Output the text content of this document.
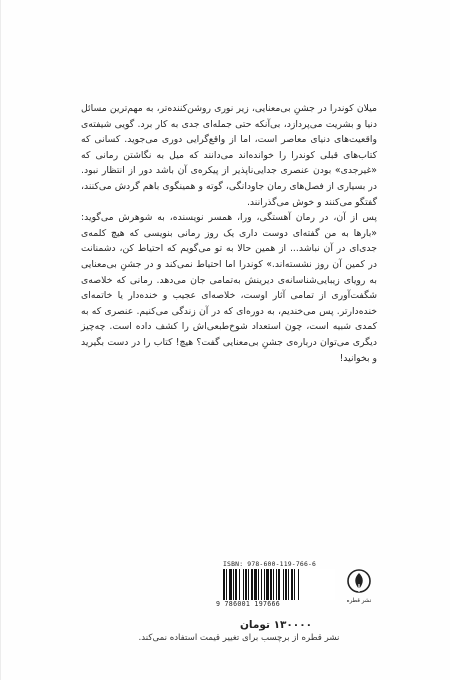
میلان کوندرا در جشنِ بی‌معنایی، زیر نوری روشن‌کننده‌تر، به مهم‌ترین مسائل دنیا و بشریت می‌پردازد، بی‌آنکه حتی جمله‌ای جدی به کار برد. گویی شیفته‌ی واقعیت‌های دنیای معاصر است، اما از واقع‌گرایی دوری می‌جوید. کسانی که کتاب‌های قبلی کوندرا را خوانده‌اند می‌دانند که میل به نگاشتن رمانی که «غیرجدی» بودن عنصری جدایی‌ناپذیر از پیکره‌ی آن باشد دور از انتظار نبود. در بسیاری از فصل‌های رمان جاودانگی، گوته و همینگوی باهم گردش می‌کنند، گفتگو می‌کنند و خوش می‌گذرانند.

پس از آن، در رمان آهستگی، ورا، همسر نویسنده، به شوهرش می‌گوید: «بارها به من گفته‌ای دوست داری یک روز رمانی بنویسی که هیچ کلمه‌ی جدی‌ای در آن نباشد... از همین حالا به تو می‌گویم که احتیاط کن، دشمنانت در کمین آن روز نشسته‌اند.» کوندرا اما احتیاط نمی‌کند و در جشنِ بی‌معنایی به رویای زیبایی‌شناسانه‌ی دیرینش به‌تمامی جان می‌دهد. رمانی که خلاصه‌ی شگفت‌آوری از تمامی آثار اوست، خلاصه‌ای عجیب و خنده‌دار یا خاتمه‌ای خنده‌دارتر. پس می‌خندیم، به دوره‌ای که در آن زندگی می‌کنیم. عنصری که به کمدی شبیه است، چون استعداد شوخ‌طبعی‌اش را کشف داده است. چه‌چیز دیگری می‌توان درباره‌ی جشنِ بی‌معنایی گفت؟ هیچ! کتاب را در دست بگیرید و بخوانید!

ISBN: 978-600-119-766-6
9 786001 197666	نشر قطره
۱۳۰۰۰۰ تومان
نشر قطره از برچسب برای تغییر قیمت استفاده نمی‌کند.
